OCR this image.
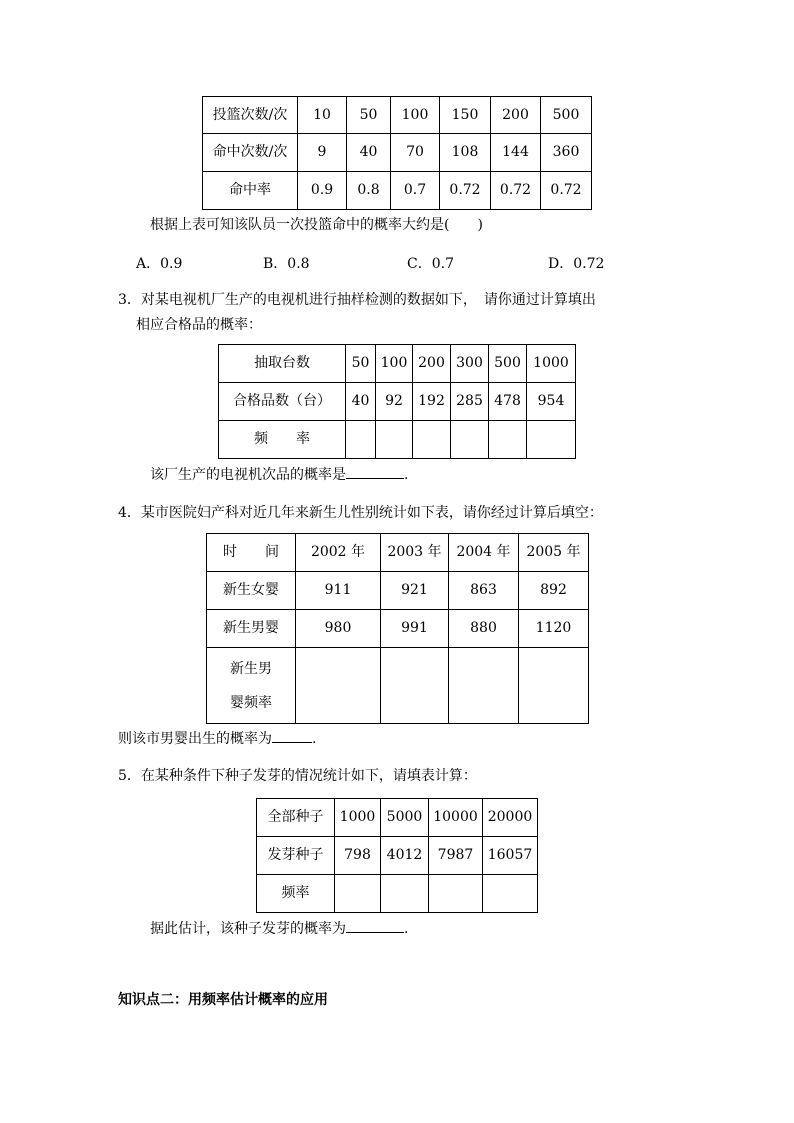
投篮次数/次	10	50	100	150	200	500
命中次数/次	9	40	70	108	144	360
命中率	0.9	0.8	0.7	0.72	0.72	0.72
根据上表可知该队员一次投篮命中的概率大约是(　　)
A．0.9	B．0.8	C．0.7	D．0.72
3．对某电视机厂生产的电视机进行抽样检测的数据如下，　请你通过计算填出
相应合格品的概率：
抽取台数	50	100	200	300	500	1000
合格品数（台）	40	92	192	285	478	954
频　　率						
该厂生产的电视机次品的概率是	.
4．某市医院妇产科对近几年来新生儿性别统计如下表，请你经过计算后填空：
时　　间	2002 年	2003 年	2004 年	2005 年
新生女婴	911	921	863	892
新生男婴	980	991	880	1120

新生男
婴频率				

则该市男婴出生的概率为	.
5．在某种条件下种子发芽的情况统计如下，请填表计算：
全部种子	1000	5000	10000	20000
发芽种子	798	4012	7987	16057
频率				
据此估计，该种子发芽的概率为	.
知识点二：用频率估计概率的应用
